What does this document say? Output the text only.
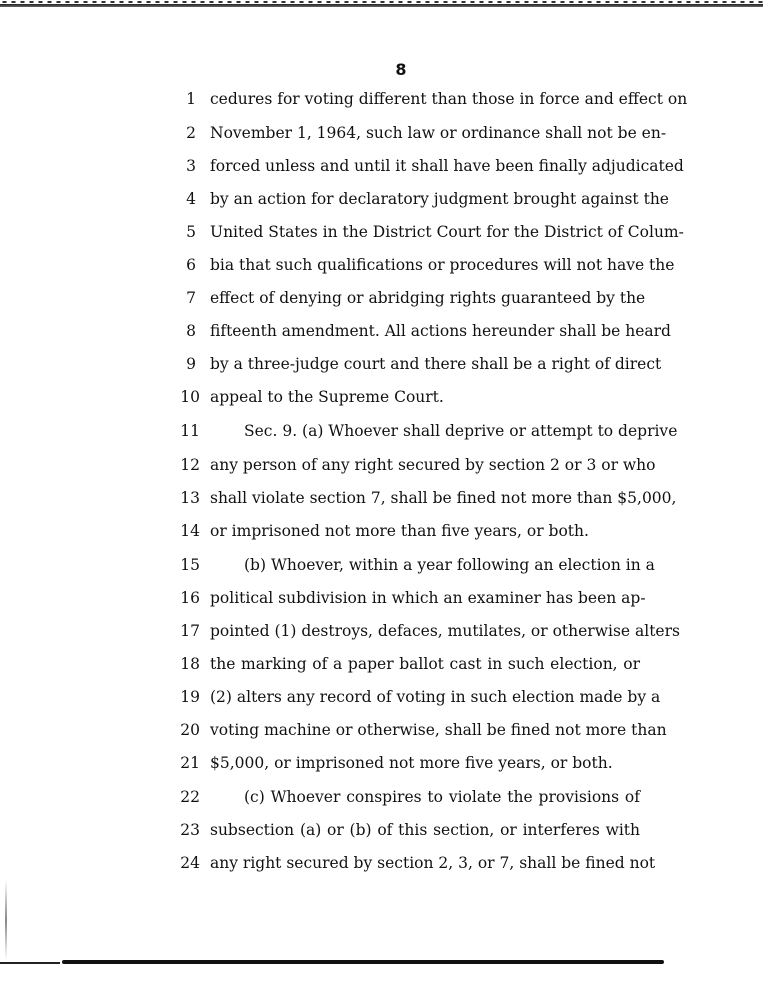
8
1 cedures for voting different than those in force and effect on
2 November 1, 1964, such law or ordinance shall not be en-
3 forced unless and until it shall have been finally adjudicated
4 by an action for declaratory judgment brought against the
5 United States in the District Court for the District of Colum-
6 bia that such qualifications or procedures will not have the
7 effect of denying or abridging rights guaranteed by the
8 fifteenth amendment. All actions hereunder shall be heard
9 by a three-judge court and there shall be a right of direct
10 appeal to the Supreme Court.
11	Sec. 9. (a) Whoever shall deprive or attempt to deprive
12 any person of any right secured by section 2 or 3 or who
13 shall violate section 7, shall be fined not more than $5,000,
14 or imprisoned not more than five years, or both.
15	(b) Whoever, within a year following an election in a
16 political subdivision in which an examiner has been ap-
17 pointed (1) destroys, defaces, mutilates, or otherwise alters
18 the marking of a paper ballot cast in such election, or
19 (2) alters any record of voting in such election made by a
20 voting machine or otherwise, shall be fined not more than
21 $5,000, or imprisoned not more five years, or both.
22	(c) Whoever conspires to violate the provisions of
23 subsection (a) or (b) of this section, or interferes with
24 any right secured by section 2, 3, or 7, shall be fined not
